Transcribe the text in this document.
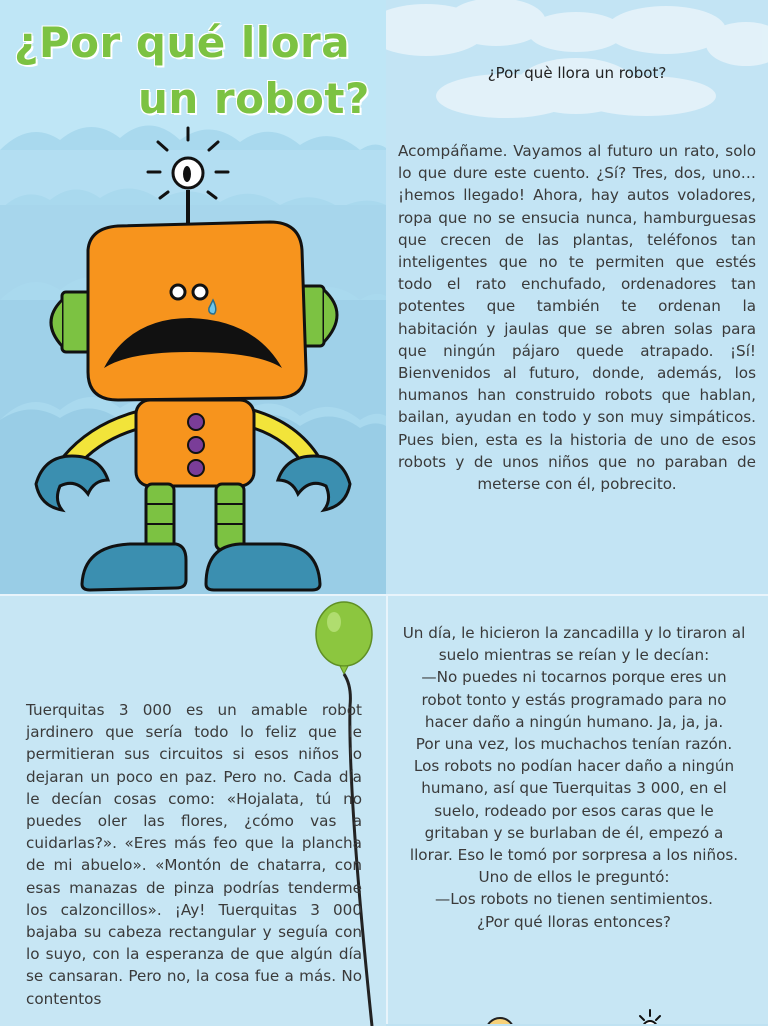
¿Por qué llora
un robot?
¿Por què llora un robot?

Acompáñame. Vayamos al futuro un rato, solo lo que dure este cuento. ¿Sí? Tres, dos, uno… ¡hemos llegado! Ahora, hay autos voladores, ropa que no se ensucia nunca, hamburguesas que crecen de las plantas, teléfonos tan inteligentes que no te permiten que estés todo el rato enchufado, ordenadores tan potentes que también te ordenan la habitación y jaulas que se abren solas para que ningún pájaro quede atrapado. ¡Sí! Bienvenidos al futuro, donde, además, los humanos han construido robots que hablan, bailan, ayudan en todo y son muy simpáticos. Pues bien, esta es la historia de uno de esos robots y de unos niños que no paraban de meterse con él, pobrecito.

Tuerquitas 3 000 es un amable robot jardinero que sería todo lo feliz que le permitieran sus circuitos si esos niños lo dejaran un poco en paz. Pero no. Cada día le decían cosas como: «Hojalata, tú no puedes oler las flores, ¿cómo vas a cuidarlas?». «Eres más feo que la plancha de mi abuelo». «Montón de chatarra, con esas manazas de pinza podrías tenderme los calzoncillos». ¡Ay! Tuerquitas 3 000 bajaba su cabeza rectangular y seguía con lo suyo, con la esperanza de que algún día se cansaran. Pero no, la cosa fue a más. No contentos

Un día, le hicieron la zancadilla y lo tiraron al suelo mientras se reían y le decían:
—No puedes ni tocarnos porque eres un robot tonto y estás programado para no hacer daño a ningún humano. Ja, ja, ja.
Por una vez, los muchachos tenían razón. Los robots no podían hacer daño a ningún humano, así que Tuerquitas 3 000, en el suelo, rodeado por esos caras que le gritaban y se burlaban de él, empezó a llorar. Eso le tomó por sorpresa a los niños.
Uno de ellos le preguntó:
—Los robots no tienen sentimientos.
¿Por qué lloras entonces?
